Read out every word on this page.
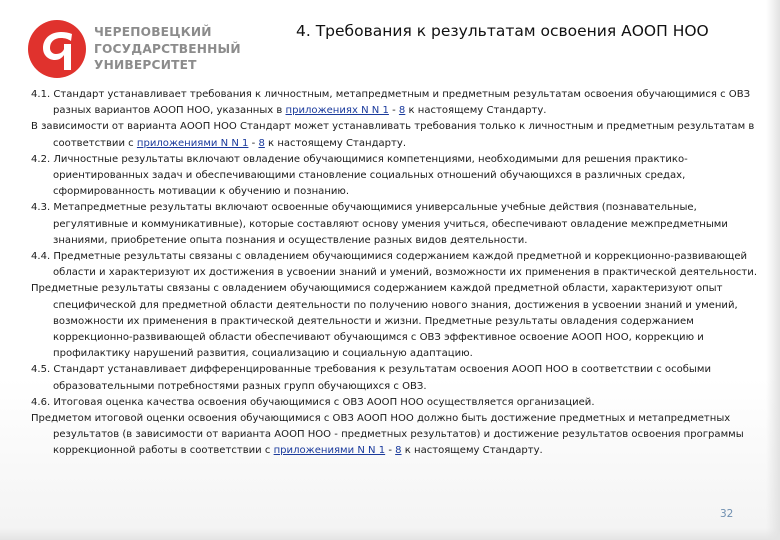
ЧЕРЕПОВЕЦКИЙ
ГОСУДАРСТВЕННЫЙ
УНИВЕРСИТЕТ
4. Требования к результатам освоения АООП НОО

4.1. Стандарт устанавливает требования к личностным, метапредметным и предметным результатам освоения обучающимися с ОВЗ разных вариантов АООП НОО, указанных в приложениях N N 1 - 8 к настоящему Стандарту.

В зависимости от варианта АООП НОО Стандарт может устанавливать требования только к личностным и предметным результатам в соответствии с приложениями N N 1 - 8 к настоящему Стандарту.

4.2. Личностные результаты включают овладение обучающимися компетенциями, необходимыми для решения практико-ориентированных задач и обеспечивающими становление социальных отношений обучающихся в различных средах, сформированность мотивации к обучению и познанию.

4.3. Метапредметные результаты включают освоенные обучающимися универсальные учебные действия (познавательные, регулятивные и коммуникативные), которые составляют основу умения учиться, обеспечивают овладение межпредметными знаниями, приобретение опыта познания и осуществление разных видов деятельности.

4.4. Предметные результаты связаны с овладением обучающимися содержанием каждой предметной и коррекционно-развивающей области и характеризуют их достижения в усвоении знаний и умений, возможности их применения в практической деятельности.

Предметные результаты связаны с овладением обучающимися содержанием каждой предметной области, характеризуют опыт специфической для предметной области деятельности по получению нового знания, достижения в усвоении знаний и умений, возможности их применения в практической деятельности и жизни. Предметные результаты овладения содержанием коррекционно-развивающей области обеспечивают обучающимся с ОВЗ эффективное освоение АООП НОО, коррекцию и профилактику нарушений развития, социализацию и социальную адаптацию.

4.5. Стандарт устанавливает дифференцированные требования к результатам освоения АООП НОО в соответствии с особыми образовательными потребностями разных групп обучающихся с ОВЗ.

4.6. Итоговая оценка качества освоения обучающимися с ОВЗ АООП НОО осуществляется организацией.

Предметом итоговой оценки освоения обучающимися с ОВЗ АООП НОО должно быть достижение предметных и метапредметных результатов (в зависимости от варианта АООП НОО - предметных результатов) и достижение результатов освоения программы коррекционной работы в соответствии с приложениями N N 1 - 8 к настоящему Стандарту.

32
